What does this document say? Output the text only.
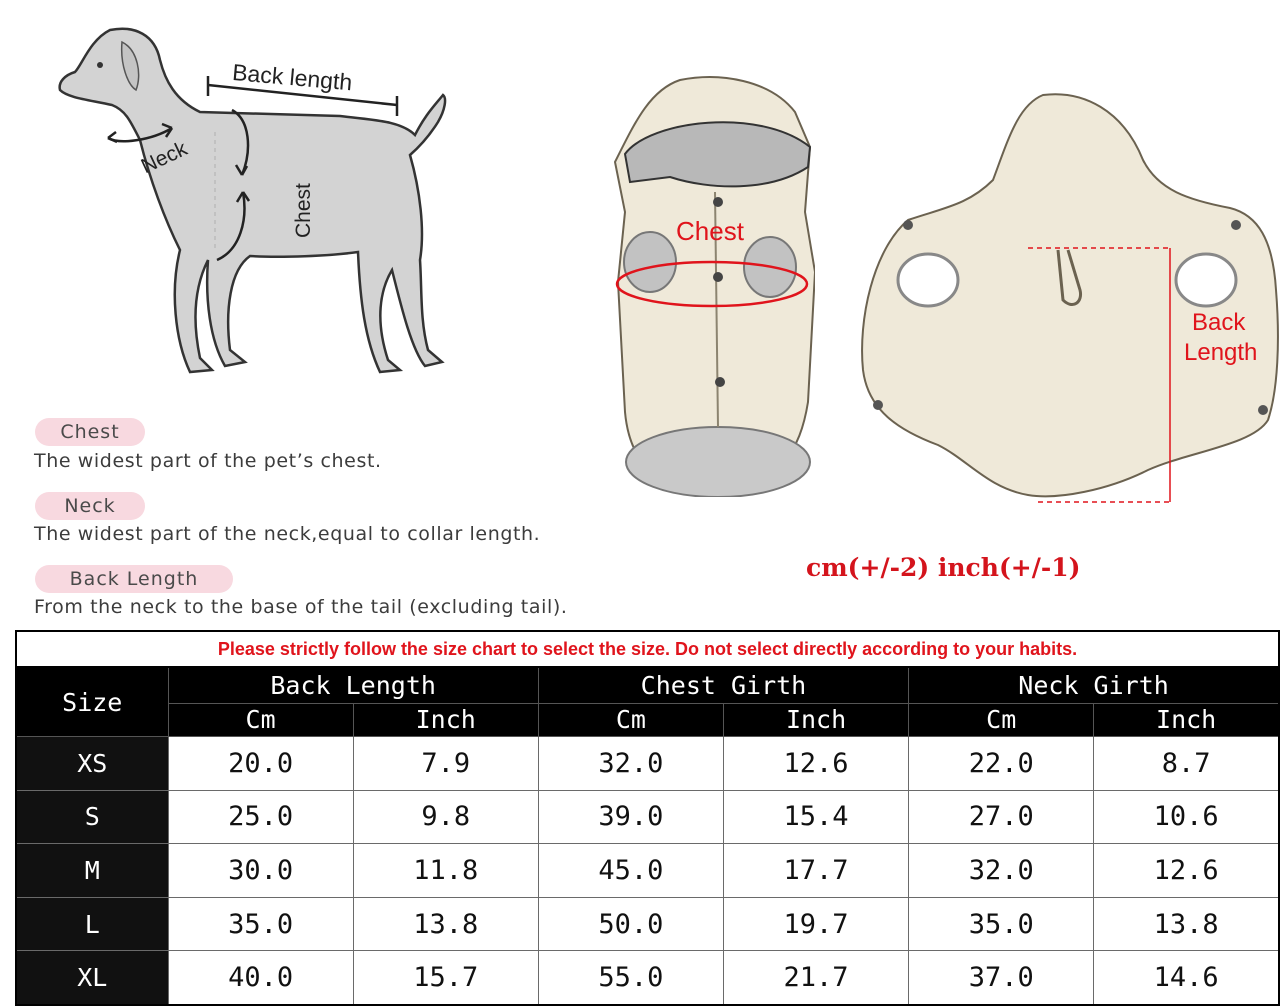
Back length
Neck
Chest
Chest
The widest part of the pet’s chest.
Neck
The widest part of the neck,equal to collar length.
Back Length
From the neck to the base of the tail (excluding tail).
Chest
Back
Length
cm(+/-2) inch(+/-1)
Please strictly follow the size chart to select the size. Do not select directly according to your habits.						
Size	Back Length		Chest Girth		Neck Girth	
	Cm	Inch	Cm	Inch	Cm	Inch
XS	20.0	7.9	32.0	12.6	22.0	8.7
S	25.0	9.8	39.0	15.4	27.0	10.6
M	30.0	11.8	45.0	17.7	32.0	12.6
L	35.0	13.8	50.0	19.7	35.0	13.8
XL	40.0	15.7	55.0	21.7	37.0	14.6
